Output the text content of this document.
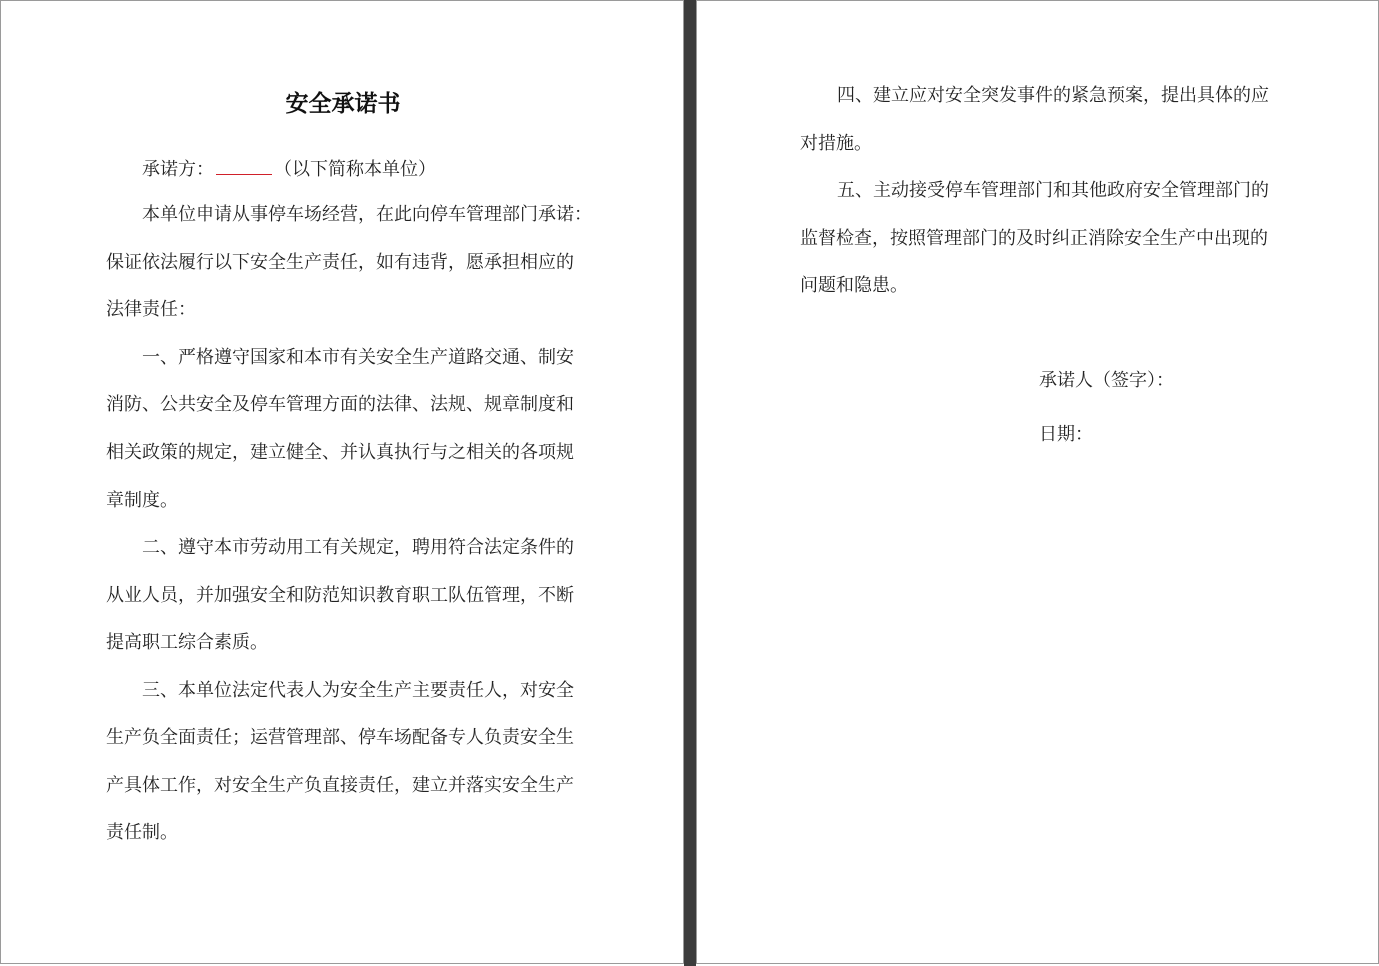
安全承诺书
承诺方：	（以下简称本单位）
本单位申请从事停车场经营，在此向停车管理部门承诺：
保证依法履行以下安全生产责任，如有违背，愿承担相应的
法律责任：
一、严格遵守国家和本市有关安全生产道路交通、制安
消防、公共安全及停车管理方面的法律、法规、规章制度和
相关政策的规定，建立健全、并认真执行与之相关的各项规
章制度。
二、遵守本市劳动用工有关规定，聘用符合法定条件的
从业人员，并加强安全和防范知识教育职工队伍管理，不断
提高职工综合素质。
三、本单位法定代表人为安全生产主要责任人，对安全
生产负全面责任；运营管理部、停车场配备专人负责安全生
产具体工作，对安全生产负直接责任，建立并落实安全生产
责任制。
四、建立应对安全突发事件的紧急预案，提出具体的应
对措施。
五、主动接受停车管理部门和其他政府安全管理部门的
监督检查，按照管理部门的及时纠正消除安全生产中出现的
问题和隐患。
承诺人（签字）：
日期：
